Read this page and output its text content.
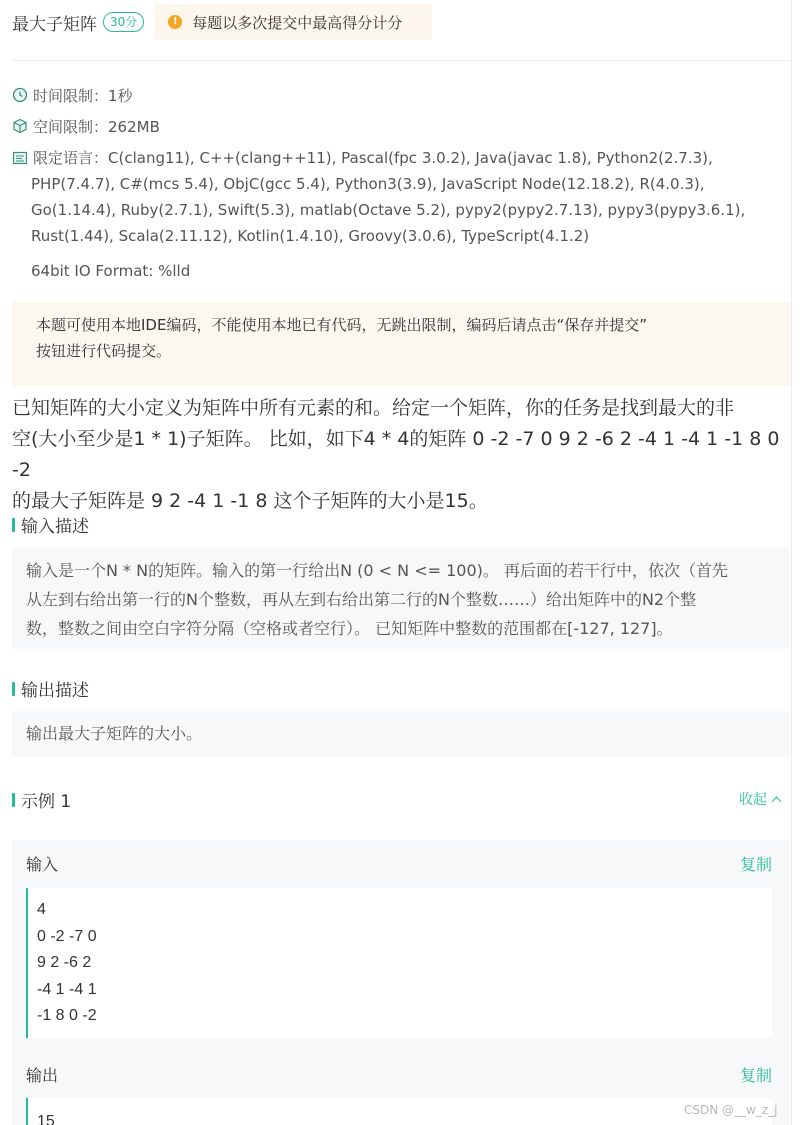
最大子矩阵	30分	! 每题以多次提交中最高得分计分
时间限制：1秒
空间限制：262MB
限定语言：C(clang11), C++(clang++11), Pascal(fpc 3.0.2), Java(javac 1.8), Python2(2.7.3),
PHP(7.4.7), C#(mcs 5.4), ObjC(gcc 5.4), Python3(3.9), JavaScript Node(12.18.2), R(4.0.3),
Go(1.14.4), Ruby(2.7.1), Swift(5.3), matlab(Octave 5.2), pypy2(pypy2.7.13), pypy3(pypy3.6.1),
Rust(1.44), Scala(2.11.12), Kotlin(1.4.10), Groovy(3.0.6), TypeScript(4.1.2)
64bit IO Format: %lld
本题可使用本地IDE编码，不能使用本地已有代码，无跳出限制，编码后请点击“保存并提交”
按钮进行代码提交。
已知矩阵的大小定义为矩阵中所有元素的和。给定一个矩阵，你的任务是找到最大的非
空(大小至少是1 * 1)子矩阵。 比如，如下4 * 4的矩阵 0 -2 -7 0 9 2 -6 2 -4 1 -4 1 -1 8 0 -2
的最大子矩阵是 9 2 -4 1 -1 8 这个子矩阵的大小是15。
输入描述
输入是一个N * N的矩阵。输入的第一行给出N (0 < N <= 100)。 再后面的若干行中，依次（首先
从左到右给出第一行的N个整数，再从左到右给出第二行的N个整数……）给出矩阵中的N2个整
数，整数之间由空白字符分隔（空格或者空行）。 已知矩阵中整数的范围都在[-127, 127]。
输出描述
输出最大子矩阵的大小。
示例 1	收起
输入	复制
4
0 -2 -7 0
9 2 -6 2
-4 1 -4 1
-1 8 0 -2
输出	复制
15
CSDN @__w_z_j
